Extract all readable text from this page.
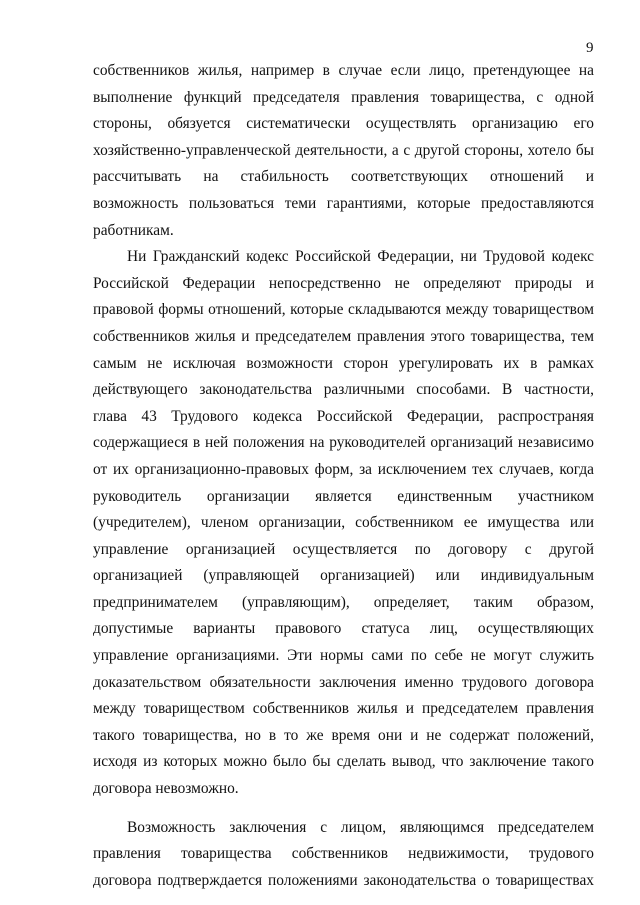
9
собственников жилья, например в случае если лицо, претендующее на
выполнение функций председателя правления товарищества, с одной
стороны, обязуется систематически осуществлять организацию его
хозяйственно-управленческой деятельности, а с другой стороны, хотело бы
рассчитывать на стабильность соответствующих отношений и
возможность пользоваться теми гарантиями, которые предоставляются
работникам.
Ни Гражданский кодекс Российской Федерации, ни Трудовой кодекс
Российской Федерации непосредственно не определяют природы и
правовой формы отношений, которые складываются между товариществом
собственников жилья и председателем правления этого товарищества, тем
самым не исключая возможности сторон урегулировать их в рамках
действующего законодательства различными способами. В частности,
глава 43 Трудового кодекса Российской Федерации, распространяя
содержащиеся в ней положения на руководителей организаций независимо
от их организационно-правовых форм, за исключением тех случаев, когда
руководитель организации является единственным участником
(учредителем), членом организации, собственником ее имущества или
управление организацией осуществляется по договору с другой
организацией (управляющей организацией) или индивидуальным
предпринимателем (управляющим), определяет, таким образом,
допустимые варианты правового статуса лиц, осуществляющих
управление организациями. Эти нормы сами по себе не могут служить
доказательством обязательности заключения именно трудового договора
между товариществом собственников жилья и председателем правления
такого товарищества, но в то же время они и не содержат положений,
исходя из которых можно было бы сделать вывод, что заключение такого
договора невозможно.
Возможность заключения с лицом, являющимся председателем
правления товарищества собственников недвижимости, трудового
договора подтверждается положениями законодательства о товариществах
